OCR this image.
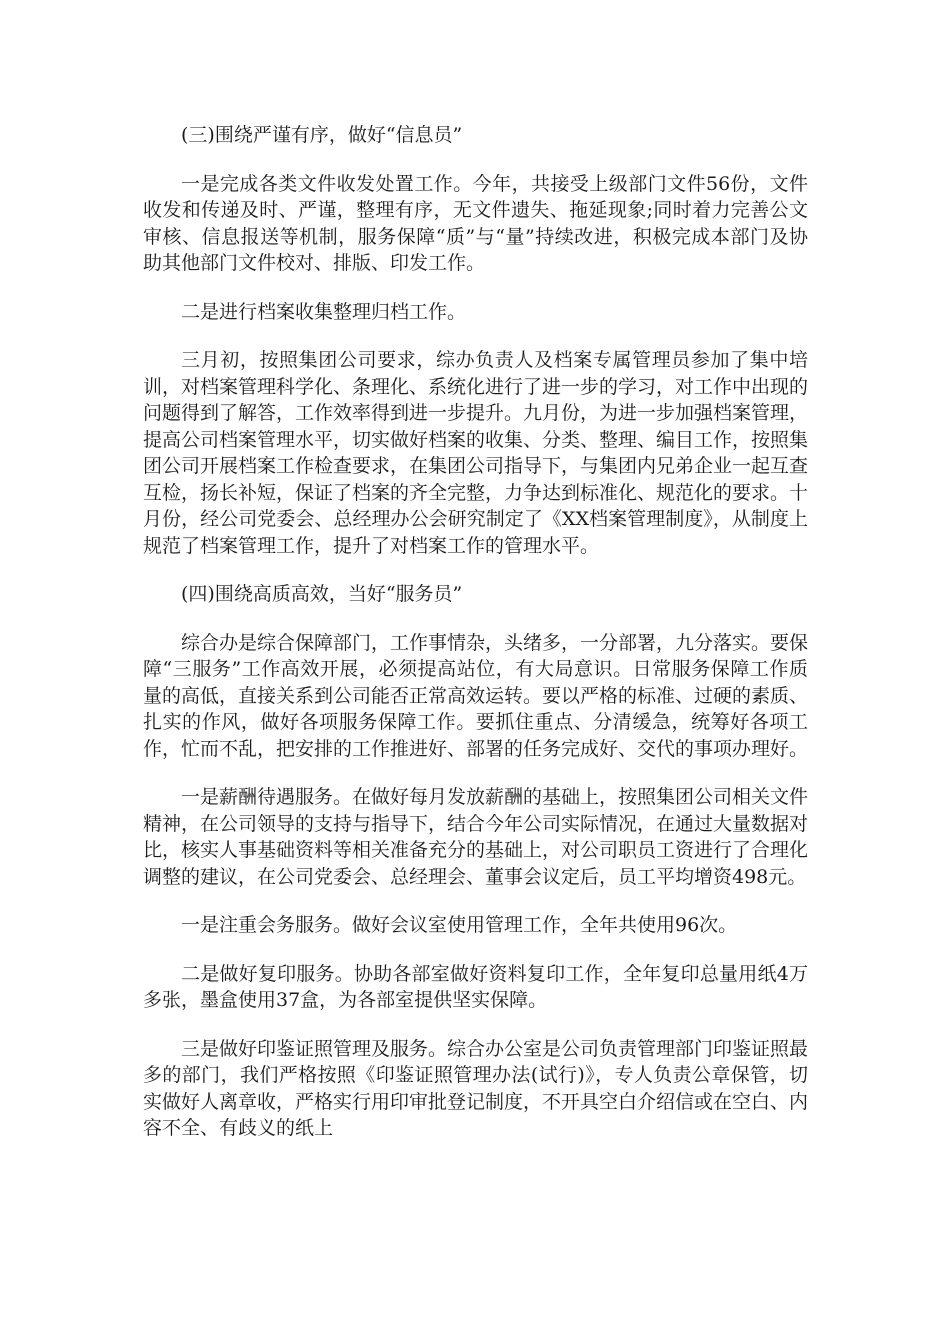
(三)围绕严谨有序，做好“信息员”

一是完成各类文件收发处置工作。今年，共接受上级部门文件56份，文件收发和传递及时、严谨，整理有序，无文件遗失、拖延现象;同时着力完善公文审核、信息报送等机制，服务保障“质”与“量”持续改进，积极完成本部门及协助其他部门文件校对、排版、印发工作。

二是进行档案收集整理归档工作。

三月初，按照集团公司要求，综办负责人及档案专属管理员参加了集中培训，对档案管理科学化、条理化、系统化进行了进一步的学习，对工作中出现的问题得到了解答，工作效率得到进一步提升。九月份，为进一步加强档案管理，提高公司档案管理水平，切实做好档案的收集、分类、整理、编目工作，按照集团公司开展档案工作检查要求，在集团公司指导下，与集团内兄弟企业一起互查互检，扬长补短，保证了档案的齐全完整，力争达到标准化、规范化的要求。十月份，经公司党委会、总经理办公会研究制定了《XX档案管理制度》，从制度上规范了档案管理工作，提升了对档案工作的管理水平。

(四)围绕高质高效，当好“服务员”

综合办是综合保障部门，工作事情杂，头绪多，一分部署，九分落实。要保障“三服务”工作高效开展，必须提高站位，有大局意识。日常服务保障工作质量的高低，直接关系到公司能否正常高效运转。要以严格的标准、过硬的素质、扎实的作风，做好各项服务保障工作。要抓住重点、分清缓急，统筹好各项工作，忙而不乱，把安排的工作推进好、部署的任务完成好、交代的事项办理好。

一是薪酬待遇服务。在做好每月发放薪酬的基础上，按照集团公司相关文件精神，在公司领导的支持与指导下，结合今年公司实际情况，在通过大量数据对比，核实人事基础资料等相关准备充分的基础上，对公司职员工资进行了合理化调整的建议，在公司党委会、总经理会、董事会议定后，员工平均增资498元。

一是注重会务服务。做好会议室使用管理工作，全年共使用96次。

二是做好复印服务。协助各部室做好资料复印工作，全年复印总量用纸4万多张，墨盒使用37盒，为各部室提供坚实保障。

三是做好印鉴证照管理及服务。综合办公室是公司负责管理部门印鉴证照最多的部门，我们严格按照《印鉴证照管理办法(试行)》，专人负责公章保管，切实做好人离章收，严格实行用印审批登记制度，不开具空白介绍信或在空白、内容不全、有歧义的纸上
